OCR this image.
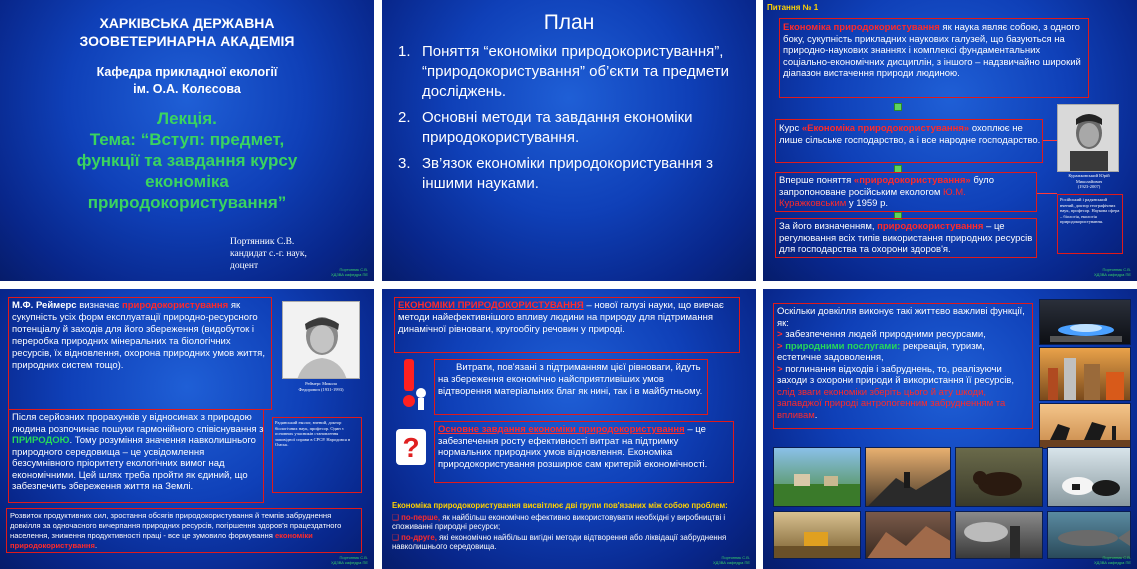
ХАРКІВСЬКА ДЕРЖАВНА
ЗООВЕТЕРИНАРНА АКАДЕМІЯ
Кафедра прикладної екології
ім. О.А. Колєсова
Лекція.
Тема: “Вступ: предмет,
функції та завдання курсу
економіка
природокористування”
Портянник С.В.
кандидат с.-г. наук,
доцент	Портянник С.В.
ХДЗВА кафедра ПЕ
План
1. Поняття “економіки природокористування”, “природокористування” об’єкти та предмети досліджень.
2. Основні методи та завдання економіки природокористування.
3. Зв’язок економіки природокористування з іншими науками.
Питання № 1
Економіка природокористування як наука являє собою, з одного боку, сукупність прикладних наукових галузей, що базуються на природно-наукових знаннях і комплексі фундаментальних соціально-економічних дисциплін, з іншого – надзвичайно широкий діапазон вистачення природи людиною.
Курс «Економіка природокористування» охоплює не лише сільське господарство, а і все народне господарство.
Вперше поняття «природокористування» було запропоноване російським екологом Ю.М. Куражковським у 1959 р.
За його визначенням, природокористування – це регулювання всіх типів використання природних ресурсів для господарства та охорони здоров'я.
Куражковський Юрій
Миколайович
(1923-2007)
Російський і радянський вчений, доктор географічних наук, професор. Наукова сфера – біологія, екологія природокористування.
Портянник С.В.
ХДЗВА кафедра ПЕ
М.Ф. Реймерс визначає природокористування як сукупність усіх форм експлуатації природно-ресурсного потенціалу й заходів для його збереження (видобуток і переробка природних мінеральних та біологічних ресурсів, їх відновлення, охорона природних умов життя, природних систем тощо).
Реймерс Микола
Федорович (1931-1993)
Після серйозних прорахунків у відносинах з природою людина розпочинає пошуки гармонійного співіснування з ПРИРОДОЮ. Тому розуміння значення навколишнього природного середовища – це усвідомлення безсумнівного пріоритету екологічних вимог над економічними. Цей шлях треба пройти як єдиний, що забезпечить збереження життя на Землі.
Радянський еколог, вчений, доктор біологічних наук, професор. Один з основних учасників становлення заповідної справи в СРСР. Народився в Омськ.
Розвиток продуктивних сил, зростання обсягів природокористування й темпів забруднення довкілля за одночасного вичерпання природних ресурсів, погіршення здоров'я працездатного населення, зниження продуктивності праці - все це зумовило формування економіки природокористування.
Портянник С.В.
ХДЗВА кафедра ПЕ
ЕКОНОМІКИ ПРИРОДОКОРИСТУВАННЯ – нової галузі науки, що вивчає методи найефективнішого впливу людини на природу для підтримання динамічної рівноваги, кругообігу речовин у природі.
Витрати, пов'язані з підтриманням цієї рівноваги, йдуть на збереження економічно найсприятливіших умов відтворення матеріальних благ як нині, так і в майбутньому.
?
Основне завдання економіки природокористування – це забезпечення росту ефективності витрат на підтримку нормальних природних умов відновлення. Економіка природокористування розширює сам критерій економічності.
Економіка природокористування висвітлює дві групи пов'язаних між собою проблем:
❑ по-перше, як найбільш економічно ефективно використовувати необхідні у виробництві і споживанні природні ресурси;
❑ по-друге, які економічно найбільш вигідні методи відтворення або ліквідації забруднення навколишнього середовища.
Портянник С.В.
ХДЗВА кафедра ПЕ
Оскільки довкілля виконує такі життєво важливі функції, як:
> забезпечення людей природними ресурсами,
> природними послугами: рекреація, туризм, естетичне задоволення,
> поглинання відходів і забруднень, то, реалізуючи заходи з охорони природи й використання її ресурсів, слід зваги економіки зберіть цього й ату шкоди, запавджої природі антропогенним забрудненням та впливам.
Портянник С.В.
ХДЗВА кафедра ПЕ
